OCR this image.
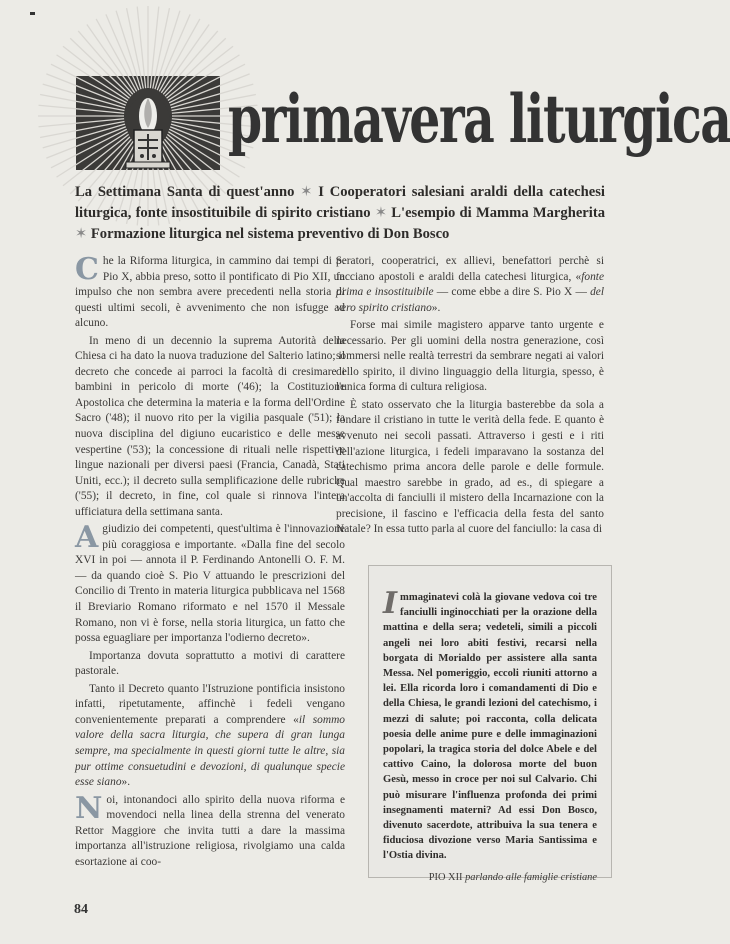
primavera liturgica
La Settimana Santa di quest'anno ✶ I Cooperatori salesiani araldi della catechesi liturgica, fonte insostituibile di spirito cristiano ✶ L'esempio di Mamma Margherita ✶ Formazione liturgica nel sistema preventivo di Don Bosco

Che la Riforma liturgica, in cammino dai tempi di S. Pio X, abbia preso, sotto il pontificato di Pio XII, un impulso che non sembra avere precedenti nella storia di questi ultimi secoli, è avvenimento che non isfugge ad alcuno.

In meno di un decennio la suprema Autorità della Chiesa ci ha dato la nuova traduzione del Salterio latino; il decreto che concede ai parroci la facoltà di cresimare i bambini in pericolo di morte ('46); la Costituzione Apostolica che determina la materia e la forma dell'Ordine Sacro ('48); il nuovo rito per la vigilia pasquale ('51); la nuova disciplina del digiuno eucaristico e delle messe vespertine ('53); la concessione di rituali nelle rispettive lingue nazionali per diversi paesi (Francia, Canadà, Stati Uniti, ecc.); il decreto sulla semplificazione delle rubriche ('55); il decreto, in fine, col quale si rinnova l'intera ufficiatura della settimana santa.

Agiudizio dei competenti, quest'ultima è l'innovazione più coraggiosa e importante. «Dalla fine del secolo XVI in poi — annota il P. Ferdinando Antonelli O. F. M. — da quando cioè S. Pio V attuando le prescrizioni del Concilio di Trento in materia liturgica pubblicava nel 1568 il Breviario Romano riformato e nel 1570 il Messale Romano, non vi è forse, nella storia liturgica, un fatto che possa eguagliare per importanza l'odierno decreto».

Importanza dovuta soprattutto a motivi di carattere pastorale.

Tanto il Decreto quanto l'Istruzione pontificia insistono infatti, ripetutamente, affinchè i fedeli vengano convenientemente preparati a comprendere «il sommo valore della sacra liturgia, che supera di gran lunga sempre, ma specialmente in questi giorni tutte le altre, sia pur ottime consuetudini e devozioni, di qualunque specie esse siano».

Noi, intonandoci allo spirito della nuova riforma e movendoci nella linea della strenna del venerato Rettor Maggiore che invita tutti a dare la massima importanza all'istruzione religiosa, rivolgiamo una calda esortazione ai coo-

peratori, cooperatrici, ex allievi, benefattori perchè si facciano apostoli e araldi della catechesi liturgica, «fonte prima e insostituibile — come ebbe a dire S. Pio X — del vero spirito cristiano».

Forse mai simile magistero apparve tanto urgente e necessario. Per gli uomini della nostra generazione, così sommersi nelle realtà terrestri da sembrare negati ai valori dello spirito, il divino linguaggio della liturgia, spesso, è l'unica forma di cultura religiosa.

È stato osservato che la liturgia basterebbe da sola a fondare il cristiano in tutte le verità della fede. E quanto è avvenuto nei secoli passati. Attraverso i gesti e i riti dell'azione liturgica, i fedeli imparavano la sostanza del catechismo prima ancora delle parole e delle formule. Qual maestro sarebbe in grado, ad es., di spiegare a un'accolta di fanciulli il mistero della Incarnazione con la precisione, il fascino e l'efficacia della festa del santo Natale? In essa tutto parla al cuore del fanciullo: la casa di

Immaginatevi colà la giovane vedova coi tre fanciulli inginocchiati per la orazione della mattina e della sera; vedeteli, simili a piccoli angeli nei loro abiti festivi, recarsi nella borgata di Morialdo per assistere alla santa Messa. Nel pomeriggio, eccoli riuniti attorno a lei. Ella ricorda loro i comandamenti di Dio e della Chiesa, le grandi lezioni del catechismo, i mezzi di salute; poi racconta, colla delicata poesia delle anime pure e delle immaginazioni popolari, la tragica storia del dolce Abele e del cattivo Caino, la dolorosa morte del buon Gesù, messo in croce per noi sul Calvario. Chi può misurare l'influenza profonda dei primi insegnamenti materni? Ad essi Don Bosco, divenuto sacerdote, attribuiva la sua tenera e fiduciosa divozione verso Maria Santissima e l'Ostia divina.
PIO XII parlando alle famiglie cristiane
84
